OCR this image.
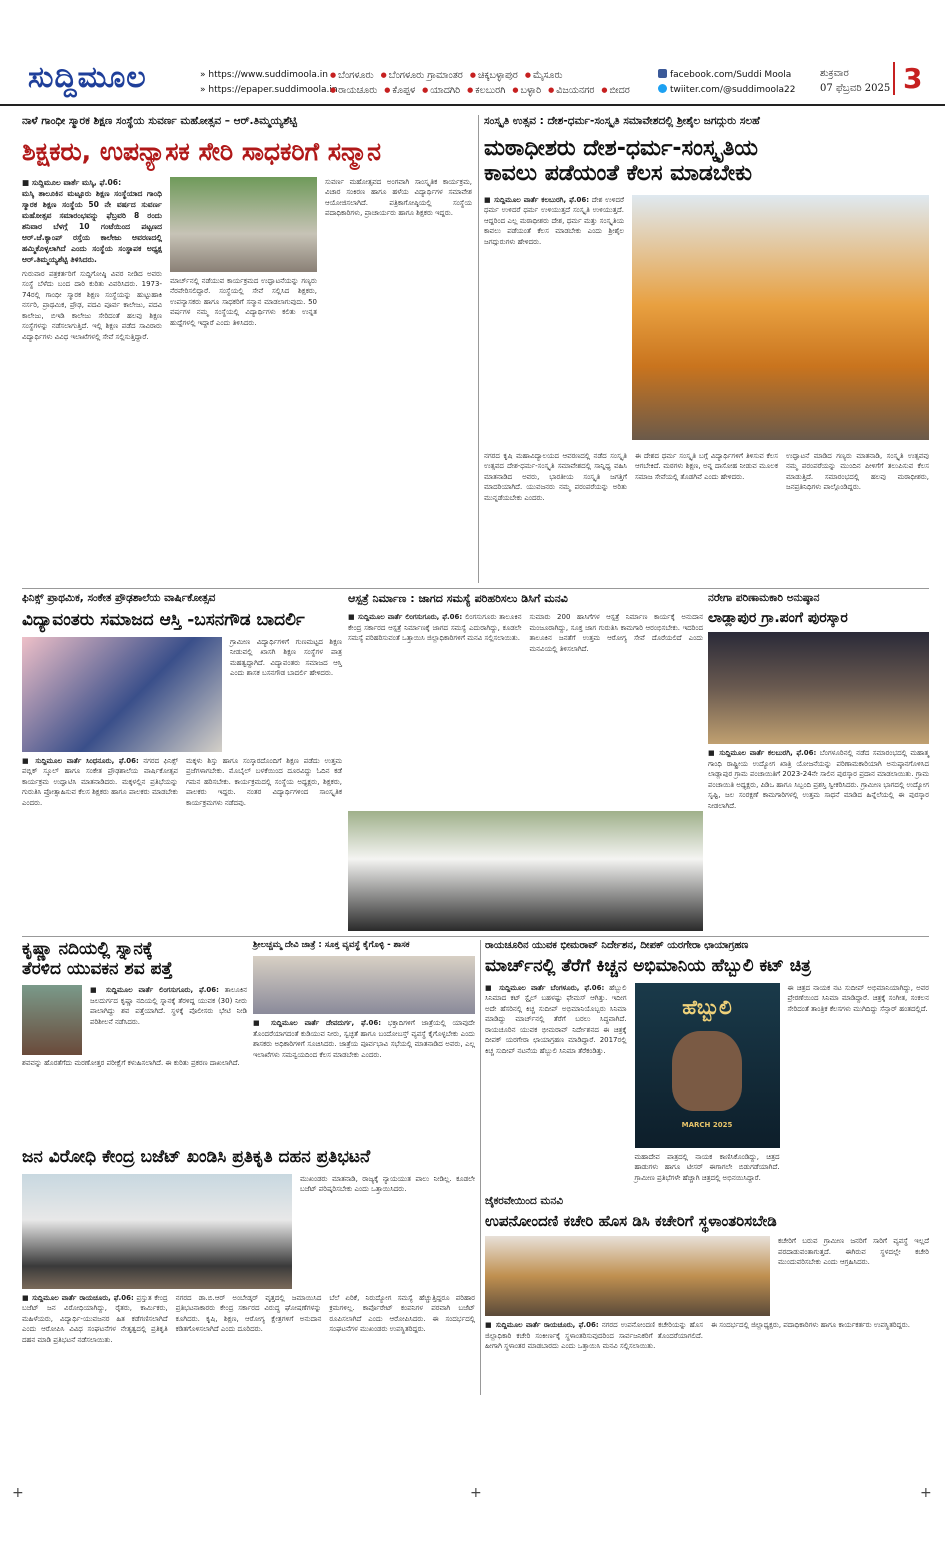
ಸುದ್ದಿಮೂಲ	» https://www.suddimoola.in
» https://epaper.suddimoola.in
● ಬೆಂಗಳೂರು ● ಬೆಂಗಳೂರು ಗ್ರಾಮಾಂತರ ● ಚಿಕ್ಕಬಳ್ಳಾಪುರ ● ಮೈಸೂರು
● ರಾಯಚೂರು ● ಕೊಪ್ಪಳ ● ಯಾದಗಿರಿ ● ಕಲಬುರಗಿ ● ಬಳ್ಳಾರಿ ● ವಿಜಯನಗರ ● ಬೀದರ
facebook.com/Suddi Moola
twiiter.com/@suddimoola22
ಶುಕ್ರವಾರ
07 ಫೆಬ್ರವರಿ 2025 3
ನಾಳೆ ಗಾಂಧೀ ಸ್ಮಾರಕ ಶಿಕ್ಷಣ ಸಂಸ್ಥೆಯ ಸುವರ್ಣ ಮಹೋತ್ಸವ – ಆರ್.ತಿಮ್ಮಯ್ಯಶೆಟ್ಟಿ
ಶಿಕ್ಷಕರು, ಉಪನ್ಯಾಸಕ ಸೇರಿ ಸಾಧಕರಿಗೆ ಸನ್ಮಾನ
■ ಸುದ್ದಿಮೂಲ ವಾರ್ತೆ ಮಸ್ಕಿ, ಫೆ.06:
ಮಸ್ಕಿ ತಾಲೂಕಿನ ಮಟ್ಟೂರು ಶಿಕ್ಷಣ ಸಂಸ್ಥೆಯಾದ ಗಾಂಧಿ ಸ್ಮಾರಕ ಶಿಕ್ಷಣ ಸಂಸ್ಥೆಯ 50 ನೇ ವರ್ಷದ ಸುವರ್ಣ ಮಹೋತ್ಸವ ಸಮಾರಂಭವನ್ನು ಫೆಬ್ರವರಿ 8 ರಂದು ಶನಿವಾರ ಬೆಳಗ್ಗೆ 10 ಗಂಟೆಯಿಂದ ಪಟ್ಟಣದ ಆರ್.ಜೆ.ಕ್ಯಾಂಪ್ ರಸ್ತೆಯ ಕಾಲೇಜು ಆವರಣದಲ್ಲಿ ಹಮ್ಮಿಕೊಳ್ಳಲಾಗಿದೆ ಎಂದು ಸಂಸ್ಥೆಯ ಸಂಸ್ಥಾಪಕ ಅಧ್ಯಕ್ಷ ಆರ್.ತಿಮ್ಮಯ್ಯಶೆಟ್ಟಿ ತಿಳಿಸಿದರು.
ಗುರುವಾರ ಪತ್ರಕರ್ತರಿಗೆ ಸುದ್ದಿಗೋಷ್ಠಿ ವಿವರ ನೀಡಿದ ಅವರು ಸಂಸ್ಥೆ ಬೆಳೆದು ಬಂದ ದಾರಿ ಕುರಿತು ವಿವರಿಸಿದರು. 1973-74ರಲ್ಲಿ ಗಾಂಧೀ ಸ್ಮಾರಕ ಶಿಕ್ಷಣ ಸಂಸ್ಥೆಯನ್ನು ಹುಟ್ಟುಹಾಕಿ ನರ್ಸರಿ, ಪ್ರಾಥಮಿಕ, ಪ್ರೌಢ, ಪದವಿ ಪೂರ್ವ ಕಾಲೇಜು, ಪದವಿ ಕಾಲೇಜು, ಬಿಇಡಿ ಕಾಲೇಜು ಸೇರಿದಂತೆ ಹಲವು ಶಿಕ್ಷಣ ಸಂಸ್ಥೆಗಳನ್ನು ನಡೆಸಲಾಗುತ್ತಿದೆ. ಇಲ್ಲಿ ಶಿಕ್ಷಣ ಪಡೆದ ಸಾವಿರಾರು ವಿದ್ಯಾರ್ಥಿಗಳು ವಿವಿಧ ಇಲಾಖೆಗಳಲ್ಲಿ ಸೇವೆ ಸಲ್ಲಿಸುತ್ತಿದ್ದಾರೆ.
ಮಾರ್ಚ್‌ನಲ್ಲಿ ನಡೆಯುವ ಕಾರ್ಯಕ್ರಮದ ಉದ್ಘಾಟನೆಯನ್ನು ಗಣ್ಯರು ನೆರವೇರಿಸಲಿದ್ದಾರೆ. ಸಂಸ್ಥೆಯಲ್ಲಿ ಸೇವೆ ಸಲ್ಲಿಸಿದ ಶಿಕ್ಷಕರು, ಉಪನ್ಯಾಸಕರು ಹಾಗೂ ಸಾಧಕರಿಗೆ ಸನ್ಮಾನ ಮಾಡಲಾಗುವುದು. 50 ವರ್ಷಗಳ ನಮ್ಮ ಸಂಸ್ಥೆಯಲ್ಲಿ ವಿದ್ಯಾರ್ಥಿಗಳು ಕಲಿತು ಉನ್ನತ ಹುದ್ದೆಗಳಲ್ಲಿ ಇದ್ದಾರೆ ಎಂದು ತಿಳಿಸಿದರು.
ಸುವರ್ಣ ಮಹೋತ್ಸವದ ಅಂಗವಾಗಿ ಸಾಂಸ್ಕೃತಿಕ ಕಾರ್ಯಕ್ರಮ, ವಿಚಾರ ಸಂಕಿರಣ ಹಾಗೂ ಹಳೆಯ ವಿದ್ಯಾರ್ಥಿಗಳ ಸಮಾವೇಶ ಆಯೋಜಿಸಲಾಗಿದೆ. ಪತ್ರಿಕಾಗೋಷ್ಠಿಯಲ್ಲಿ ಸಂಸ್ಥೆಯ ಪದಾಧಿಕಾರಿಗಳು, ಪ್ರಾಚಾರ್ಯರು ಹಾಗೂ ಶಿಕ್ಷಕರು ಇದ್ದರು.
ಸಂಸ್ಕೃತಿ ಉತ್ಸವ : ದೇಶ-ಧರ್ಮ-ಸಂಸ್ಕೃತಿ ಸಮಾವೇಶದಲ್ಲಿ ಶ್ರೀಶೈಲ ಜಗದ್ಗುರು ಸಲಹೆ
ಮಠಾಧೀಶರು ದೇಶ-ಧರ್ಮ-ಸಂಸ್ಕೃತಿಯ
ಕಾವಲು ಪಡೆಯಂತೆ ಕೆಲಸ ಮಾಡಬೇಕು
■ ಸುದ್ದಿಮೂಲ ವಾರ್ತೆ ಕಲಬುರಗಿ, ಫೆ.06: ದೇಶ ಉಳಿದರೆ ಧರ್ಮ ಉಳಿದರೆ ಧರ್ಮ ಉಳಿಯುತ್ತದೆ ಸಂಸ್ಕೃತಿ ಉಳಿಯುತ್ತದೆ. ಆದ್ದರಿಂದ ಎಲ್ಲ ಮಠಾಧೀಶರು ದೇಶ, ಧರ್ಮ ಮತ್ತು ಸಂಸ್ಕೃತಿಯ ಕಾವಲು ಪಡೆಯಂತೆ ಕೆಲಸ ಮಾಡಬೇಕು ಎಂದು ಶ್ರೀಶೈಲ ಜಗದ್ಗುರುಗಳು ಹೇಳಿದರು.
ನಗರದ ಕೃಷಿ ಮಹಾವಿದ್ಯಾಲಯದ ಆವರಣದಲ್ಲಿ ನಡೆದ ಸಂಸ್ಕೃತಿ ಉತ್ಸವದ ದೇಶ-ಧರ್ಮ-ಸಂಸ್ಕೃತಿ ಸಮಾವೇಶದಲ್ಲಿ ಸಾನ್ನಿಧ್ಯ ವಹಿಸಿ ಮಾತನಾಡಿದ ಅವರು, ಭಾರತೀಯ ಸಂಸ್ಕೃತಿ ಜಗತ್ತಿಗೆ ಮಾದರಿಯಾಗಿದೆ. ಯುವಜನರು ನಮ್ಮ ಪರಂಪರೆಯನ್ನು ಅರಿತು ಮುನ್ನಡೆಯಬೇಕು ಎಂದರು.
ಈ ದೇಶದ ಧರ್ಮ ಸಂಸ್ಕೃತಿ ಬಗ್ಗೆ ವಿದ್ಯಾರ್ಥಿಗಳಿಗೆ ತಿಳಿಸುವ ಕೆಲಸ ಆಗಬೇಕಿದೆ. ಮಠಗಳು ಶಿಕ್ಷಣ, ಅನ್ನ ದಾಸೋಹ ನೀಡುವ ಮೂಲಕ ಸಮಾಜ ಸೇವೆಯಲ್ಲಿ ತೊಡಗಿವೆ ಎಂದು ಹೇಳಿದರು.
ಉದ್ಘಾಟನೆ ಮಾಡಿದ ಗಣ್ಯರು ಮಾತನಾಡಿ, ಸಂಸ್ಕೃತಿ ಉತ್ಸವವು ನಮ್ಮ ಪರಂಪರೆಯನ್ನು ಮುಂದಿನ ಪೀಳಿಗೆಗೆ ತಲುಪಿಸುವ ಕೆಲಸ ಮಾಡುತ್ತಿದೆ. ಸಮಾರಂಭದಲ್ಲಿ ಹಲವು ಮಠಾಧೀಶರು, ಜನಪ್ರತಿನಿಧಿಗಳು ಪಾಲ್ಗೊಂಡಿದ್ದರು.
ಫಿನಿಕ್ಸ್ ಪ್ರಾಥಮಿಕ, ಸಂಕೇತ ಪ್ರೌಢಶಾಲೆಯ ವಾರ್ಷಿಕೋತ್ಸವ
ವಿದ್ಯಾವಂತರು ಸಮಾಜದ ಆಸ್ತಿ -ಬಸನಗೌಡ ಬಾದರ್ಲಿ
ಗ್ರಾಮೀಣ ವಿದ್ಯಾರ್ಥಿಗಳಿಗೆ ಗುಣಮಟ್ಟದ ಶಿಕ್ಷಣ ನೀಡುವಲ್ಲಿ ಖಾಸಗಿ ಶಿಕ್ಷಣ ಸಂಸ್ಥೆಗಳ ಪಾತ್ರ ಮಹತ್ವದ್ದಾಗಿದೆ. ವಿದ್ಯಾವಂತರು ಸಮಾಜದ ಆಸ್ತಿ ಎಂದು ಶಾಸಕ ಬಸನಗೌಡ ಬಾದರ್ಲಿ ಹೇಳಿದರು.
■ ಸುದ್ದಿಮೂಲ ವಾರ್ತೆ ಸಿಂಧನೂರು, ಫೆ.06: ನಗರದ ಫಿನಿಕ್ಸ್ ಪಬ್ಲಿಕ್ ಸ್ಕೂಲ್ ಹಾಗೂ ಸಂಕೇತ ಪ್ರೌಢಶಾಲೆಯ ವಾರ್ಷಿಕೋತ್ಸವ ಕಾರ್ಯಕ್ರಮ ಉದ್ಘಾಟಿಸಿ ಮಾತನಾಡಿದರು. ಮಕ್ಕಳಲ್ಲಿನ ಪ್ರತಿಭೆಯನ್ನು ಗುರುತಿಸಿ ಪ್ರೋತ್ಸಾಹಿಸುವ ಕೆಲಸ ಶಿಕ್ಷಕರು ಹಾಗೂ ಪಾಲಕರು ಮಾಡಬೇಕು ಎಂದರು.
ಮಕ್ಕಳು ಶಿಸ್ತು ಹಾಗೂ ಸಂಸ್ಕಾರದೊಂದಿಗೆ ಶಿಕ್ಷಣ ಪಡೆದು ಉತ್ತಮ ಪ್ರಜೆಗಳಾಗಬೇಕು. ಮೊಬೈಲ್ ಬಳಕೆಯಿಂದ ದೂರವಿದ್ದು ಓದಿನ ಕಡೆ ಗಮನ ಹರಿಸಬೇಕು. ಕಾರ್ಯಕ್ರಮದಲ್ಲಿ ಸಂಸ್ಥೆಯ ಅಧ್ಯಕ್ಷರು, ಶಿಕ್ಷಕರು, ಪಾಲಕರು ಇದ್ದರು. ನಂತರ ವಿದ್ಯಾರ್ಥಿಗಳಿಂದ ಸಾಂಸ್ಕೃತಿಕ ಕಾರ್ಯಕ್ರಮಗಳು ನಡೆದವು.
ಆಸ್ಪತ್ರೆ ನಿರ್ಮಾಣ : ಜಾಗದ ಸಮಸ್ಯೆ ಪರಿಹರಿಸಲು ಡಿಸಿಗೆ ಮನವಿ
■ ಸುದ್ದಿಮೂಲ ವಾರ್ತೆ ಲಿಂಗಸುಗೂರು, ಫೆ.06: ಲಿಂಗಸುಗೂರು ತಾಲೂಕಿನ ಕೇಂದ್ರ ಸರ್ಕಾರದ ಆಸ್ಪತ್ರೆ ನಿರ್ಮಾಣಕ್ಕೆ ಜಾಗದ ಸಮಸ್ಯೆ ಎದುರಾಗಿದ್ದು, ಕೂಡಲೇ ಸಮಸ್ಯೆ ಪರಿಹರಿಸುವಂತೆ ಒತ್ತಾಯಿಸಿ ಜಿಲ್ಲಾಧಿಕಾರಿಗಳಿಗೆ ಮನವಿ ಸಲ್ಲಿಸಲಾಯಿತು.
ಸುಮಾರು 200 ಹಾಸಿಗೆಗಳ ಆಸ್ಪತ್ರೆ ನಿರ್ಮಾಣ ಕಾರ್ಯಕ್ಕೆ ಅನುದಾನ ಮಂಜೂರಾಗಿದ್ದು, ಸೂಕ್ತ ಜಾಗ ಗುರುತಿಸಿ ಕಾಮಗಾರಿ ಆರಂಭಿಸಬೇಕು. ಇದರಿಂದ ತಾಲೂಕಿನ ಜನತೆಗೆ ಉತ್ತಮ ಆರೋಗ್ಯ ಸೇವೆ ದೊರೆಯಲಿದೆ ಎಂದು ಮನವಿಯಲ್ಲಿ ತಿಳಿಸಲಾಗಿದೆ.
ನರೇಗಾ ಪರಿಣಾಮಕಾರಿ ಅನುಷ್ಠಾನ
ಲಾಡ್ಲಾಪುರ ಗ್ರಾ.ಪಂಗೆ ಪುರಸ್ಕಾರ
■ ಸುದ್ದಿಮೂಲ ವಾರ್ತೆ ಕಲಬುರಗಿ, ಫೆ.06: ಬೆಂಗಳೂರಿನಲ್ಲಿ ನಡೆದ ಸಮಾರಂಭದಲ್ಲಿ ಮಹಾತ್ಮ ಗಾಂಧಿ ರಾಷ್ಟ್ರೀಯ ಉದ್ಯೋಗ ಖಾತ್ರಿ ಯೋಜನೆಯನ್ನು ಪರಿಣಾಮಕಾರಿಯಾಗಿ ಅನುಷ್ಠಾನಗೊಳಿಸಿದ ಲಾಡ್ಲಾಪುರ ಗ್ರಾಮ ಪಂಚಾಯಿತಿಗೆ 2023-24ನೇ ಸಾಲಿನ ಪುರಸ್ಕಾರ ಪ್ರದಾನ ಮಾಡಲಾಯಿತು. ಗ್ರಾಮ ಪಂಚಾಯಿತಿ ಅಧ್ಯಕ್ಷರು, ಪಿಡಿಒ ಹಾಗೂ ಸಿಬ್ಬಂದಿ ಪ್ರಶಸ್ತಿ ಸ್ವೀಕರಿಸಿದರು. ಗ್ರಾಮೀಣ ಭಾಗದಲ್ಲಿ ಉದ್ಯೋಗ ಸೃಷ್ಟಿ, ಜಲ ಸಂರಕ್ಷಣೆ ಕಾಮಗಾರಿಗಳಲ್ಲಿ ಉತ್ತಮ ಸಾಧನೆ ಮಾಡಿದ ಹಿನ್ನೆಲೆಯಲ್ಲಿ ಈ ಪುರಸ್ಕಾರ ನೀಡಲಾಗಿದೆ.
ಕೃಷ್ಣಾ ನದಿಯಲ್ಲಿ ಸ್ನಾನಕ್ಕೆ
ತೆರಳಿದ ಯುವಕನ ಶವ ಪತ್ತೆ
■ ಸುದ್ದಿಮೂಲ ವಾರ್ತೆ ಲಿಂಗಸುಗೂರು, ಫೆ.06: ತಾಲೂಕಿನ ಜಲದುರ್ಗದ ಕೃಷ್ಣಾ ನದಿಯಲ್ಲಿ ಸ್ನಾನಕ್ಕೆ ತೆರಳಿದ್ದ ಯುವಕ (30) ನೀರು ಪಾಲಾಗಿದ್ದು ಶವ ಪತ್ತೆಯಾಗಿದೆ. ಸ್ಥಳಕ್ಕೆ ಪೊಲೀಸರು ಭೇಟಿ ನೀಡಿ ಪರಿಶೀಲನೆ ನಡೆಸಿದರು.
ಶವವನ್ನು ಹೊರತೆಗೆದು ಮರಣೋತ್ತರ ಪರೀಕ್ಷೆಗೆ ಕಳುಹಿಸಲಾಗಿದೆ. ಈ ಕುರಿತು ಪ್ರಕರಣ ದಾಖಲಾಗಿದೆ.
ಶ್ರೀಲಚ್ಚಮ್ಮ ದೇವಿ ಜಾತ್ರೆ : ಸೂಕ್ತ ವ್ಯವಸ್ಥೆ ಕೈಗೊಳ್ಳಿ - ಶಾಸಕ
■ ಸುದ್ದಿಮೂಲ ವಾರ್ತೆ ದೇವದುರ್ಗ, ಫೆ.06: ಭಕ್ತಾದಿಗಳಿಗೆ ಜಾತ್ರೆಯಲ್ಲಿ ಯಾವುದೇ ತೊಂದರೆಯಾಗದಂತೆ ಕುಡಿಯುವ ನೀರು, ಸ್ವಚ್ಛತೆ ಹಾಗೂ ಬಂದೋಬಸ್ತ್ ವ್ಯವಸ್ಥೆ ಕೈಗೊಳ್ಳಬೇಕು ಎಂದು ಶಾಸಕರು ಅಧಿಕಾರಿಗಳಿಗೆ ಸೂಚಿಸಿದರು. ಜಾತ್ರೆಯ ಪೂರ್ವಭಾವಿ ಸಭೆಯಲ್ಲಿ ಮಾತನಾಡಿದ ಅವರು, ಎಲ್ಲ ಇಲಾಖೆಗಳು ಸಮನ್ವಯದಿಂದ ಕೆಲಸ ಮಾಡಬೇಕು ಎಂದರು.
ರಾಯಚೂರಿನ ಯುವಕ ಭೀಮರಾವ್ ನಿರ್ದೇಶನ, ದೀಪಕ್ ಯರಗೇರಾ ಛಾಯಾಗ್ರಹಣ
ಮಾರ್ಚ್‌ನಲ್ಲಿ ತೆರೆಗೆ ಕಿಚ್ಚನ ಅಭಿಮಾನಿಯ ಹೆಬ್ಬುಲಿ ಕಟ್ ಚಿತ್ರ
■ ಸುದ್ದಿಮೂಲ ವಾರ್ತೆ ಬೆಂಗಳೂರು, ಫೆ.06: ಹೆಬ್ಬುಲಿ ಸಿನಿಮಾದ ಕಟ್ ಸ್ಟೈಲ್ ಬಹಳಷ್ಟು ಫೇಮಸ್ ಆಗಿತ್ತು. ಇದೀಗ ಅದೇ ಹೆಸರಿನಲ್ಲಿ ಕಿಚ್ಚ ಸುದೀಪ್ ಅಭಿಮಾನಿಯೊಬ್ಬರು ಸಿನಿಮಾ ಮಾಡಿದ್ದು ಮಾರ್ಚ್‌ನಲ್ಲಿ ತೆರೆಗೆ ಬರಲು ಸಿದ್ಧವಾಗಿದೆ. ರಾಯಚೂರಿನ ಯುವಕ ಭೀಮರಾವ್ ನಿರ್ದೇಶನದ ಈ ಚಿತ್ರಕ್ಕೆ ದೀಪಕ್ ಯರಗೇರಾ ಛಾಯಾಗ್ರಹಣ ಮಾಡಿದ್ದಾರೆ. 2017ರಲ್ಲಿ ಕಿಚ್ಚ ಸುದೀಪ್ ನಟನೆಯ ಹೆಬ್ಬುಲಿ ಸಿನಿಮಾ ತೆರೆಕಂಡಿತ್ತು.
ಹೆಬ್ಬುಲಿ
MARCH 2025
ಮಹಾದೇವ ಪಾತ್ರದಲ್ಲಿ ನಾಯಕ ಕಾಣಿಸಿಕೊಂಡಿದ್ದು, ಚಿತ್ರದ ಹಾಡುಗಳು ಹಾಗೂ ಟೀಸರ್ ಈಗಾಗಲೇ ಬಿಡುಗಡೆಯಾಗಿದೆ. ಗ್ರಾಮೀಣ ಪ್ರತಿಭೆಗಳೇ ಹೆಚ್ಚಾಗಿ ಚಿತ್ರದಲ್ಲಿ ಅಭಿನಯಿಸಿದ್ದಾರೆ.
ಈ ಚಿತ್ರದ ನಾಯಕ ನಟ ಸುದೀಪ್ ಅಭಿಮಾನಿಯಾಗಿದ್ದು, ಅವರ ಪ್ರೇರಣೆಯಿಂದ ಸಿನಿಮಾ ಮಾಡಿದ್ದಾರೆ. ಚಿತ್ರಕ್ಕೆ ಸಂಗೀತ, ಸಂಕಲನ ಸೇರಿದಂತೆ ತಾಂತ್ರಿಕ ಕೆಲಸಗಳು ಮುಗಿದಿದ್ದು ಸೆನ್ಸಾರ್ ಹಂತದಲ್ಲಿದೆ.
ಜನ ವಿರೋಧಿ ಕೇಂದ್ರ ಬಜೆಟ್ ಖಂಡಿಸಿ ಪ್ರತಿಕೃತಿ ದಹನ ಪ್ರತಿಭಟನೆ
ಮುಖಂಡರು ಮಾತನಾಡಿ, ರಾಜ್ಯಕ್ಕೆ ನ್ಯಾಯಯುತ ಪಾಲು ನೀಡಿಲ್ಲ. ಕೂಡಲೇ ಬಜೆಟ್ ಪರಿಷ್ಕರಿಸಬೇಕು ಎಂದು ಒತ್ತಾಯಿಸಿದರು.
■ ಸುದ್ದಿಮೂಲ ವಾರ್ತೆ ರಾಯಚೂರು, ಫೆ.06: ಪ್ರಸ್ತುತ ಕೇಂದ್ರ ಬಜೆಟ್ ಜನ ವಿರೋಧಿಯಾಗಿದ್ದು, ರೈತರು, ಕಾರ್ಮಿಕರು, ಮಹಿಳೆಯರು, ವಿದ್ಯಾರ್ಥಿ-ಯುವಜನರ ಹಿತ ಕಡೆಗಣಿಸಲಾಗಿದೆ ಎಂದು ಆರೋಪಿಸಿ ವಿವಿಧ ಸಂಘಟನೆಗಳ ನೇತೃತ್ವದಲ್ಲಿ ಪ್ರತಿಕೃತಿ ದಹನ ಮಾಡಿ ಪ್ರತಿಭಟನೆ ನಡೆಸಲಾಯಿತು.
ನಗರದ ಡಾ.ಬಿ.ಆರ್ ಅಂಬೇಡ್ಕರ್ ವೃತ್ತದಲ್ಲಿ ಜಮಾಯಿಸಿದ ಪ್ರತಿಭಟನಾಕಾರರು ಕೇಂದ್ರ ಸರ್ಕಾರದ ವಿರುದ್ಧ ಘೋಷಣೆಗಳನ್ನು ಕೂಗಿದರು. ಕೃಷಿ, ಶಿಕ್ಷಣ, ಆರೋಗ್ಯ ಕ್ಷೇತ್ರಗಳಿಗೆ ಅನುದಾನ ಕಡಿತಗೊಳಿಸಲಾಗಿದೆ ಎಂದು ದೂರಿದರು.
ಬೆಲೆ ಏರಿಕೆ, ನಿರುದ್ಯೋಗ ಸಮಸ್ಯೆ ಹೆಚ್ಚುತ್ತಿದ್ದರೂ ಪರಿಹಾರ ಕ್ರಮಗಳಿಲ್ಲ. ಕಾರ್ಪೊರೇಟ್ ಕಂಪನಿಗಳ ಪರವಾಗಿ ಬಜೆಟ್ ರೂಪಿಸಲಾಗಿದೆ ಎಂದು ಆರೋಪಿಸಿದರು. ಈ ಸಂದರ್ಭದಲ್ಲಿ ಸಂಘಟನೆಗಳ ಮುಖಂಡರು ಉಪಸ್ಥಿತರಿದ್ದರು.
ಜೈಕರವೇಯಿಂದ ಮನವಿ
ಉಪನೋಂದಣಿ ಕಚೇರಿ ಹೊಸ ಡಿಸಿ ಕಚೇರಿಗೆ ಸ್ಥಳಾಂತರಿಸಬೇಡಿ
ಕಚೇರಿಗೆ ಬರುವ ಗ್ರಾಮೀಣ ಜನರಿಗೆ ಸಾರಿಗೆ ವ್ಯವಸ್ಥೆ ಇಲ್ಲದೆ ಪರದಾಡುವಂತಾಗುತ್ತದೆ. ಈಗಿರುವ ಸ್ಥಳದಲ್ಲೇ ಕಚೇರಿ ಮುಂದುವರಿಸಬೇಕು ಎಂದು ಆಗ್ರಹಿಸಿದರು.
■ ಸುದ್ದಿಮೂಲ ವಾರ್ತೆ ರಾಯಚೂರು, ಫೆ.06: ನಗರದ ಉಪನೋಂದಣಿ ಕಚೇರಿಯನ್ನು ಹೊಸ ಜಿಲ್ಲಾಧಿಕಾರಿ ಕಚೇರಿ ಸಂಕೀರ್ಣಕ್ಕೆ ಸ್ಥಳಾಂತರಿಸುವುದರಿಂದ ಸಾರ್ವಜನಿಕರಿಗೆ ತೊಂದರೆಯಾಗಲಿದೆ. ಹೀಗಾಗಿ ಸ್ಥಳಾಂತರ ಮಾಡಬಾರದು ಎಂದು ಒತ್ತಾಯಿಸಿ ಮನವಿ ಸಲ್ಲಿಸಲಾಯಿತು.
ಈ ಸಂದರ್ಭದಲ್ಲಿ ಜಿಲ್ಲಾಧ್ಯಕ್ಷರು, ಪದಾಧಿಕಾರಿಗಳು ಹಾಗೂ ಕಾರ್ಯಕರ್ತರು ಉಪಸ್ಥಿತರಿದ್ದರು.
+	+	+
